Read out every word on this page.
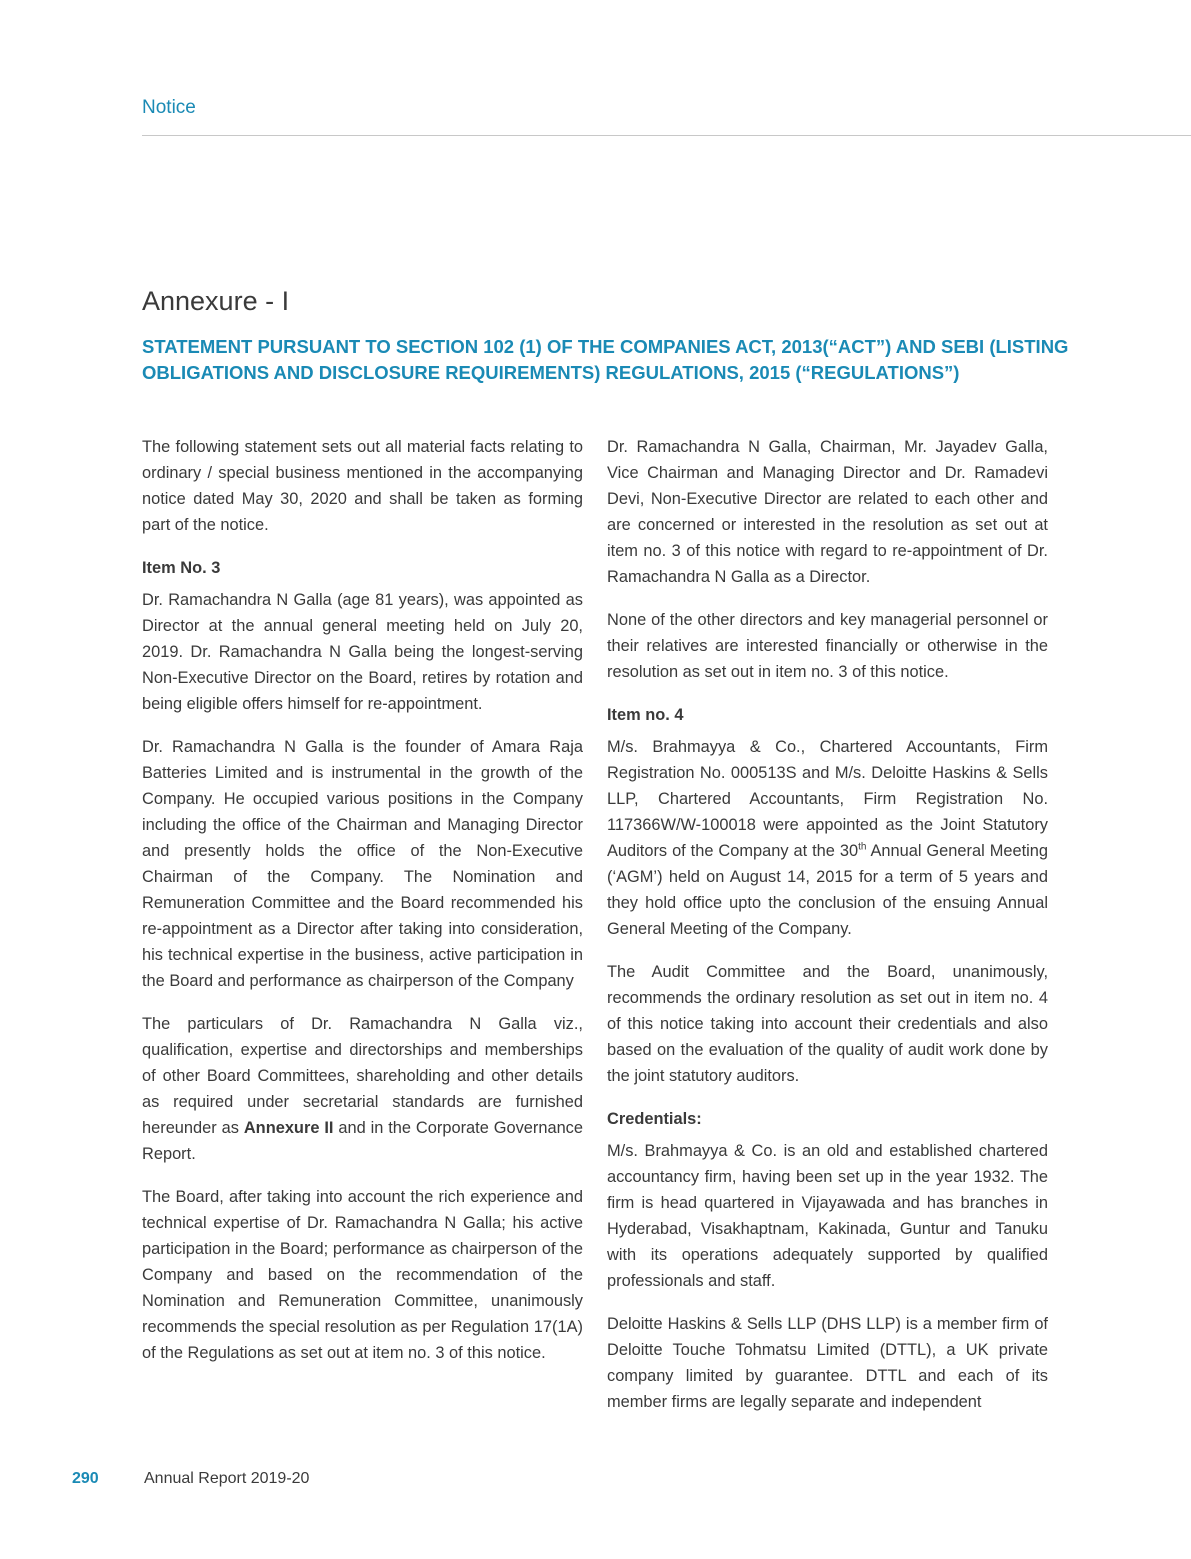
Notice
Annexure - I
STATEMENT PURSUANT TO SECTION 102 (1) OF THE COMPANIES ACT, 2013(“ACT”) AND SEBI (LISTING OBLIGATIONS AND DISCLOSURE REQUIREMENTS) REGULATIONS, 2015 (“REGULATIONS”)

The following statement sets out all material facts relating to ordinary / special business mentioned in the accompanying notice dated May 30, 2020 and shall be taken as forming part of the notice.

Item No. 3

Dr. Ramachandra N Galla (age 81 years), was appointed as Director at the annual general meeting held on July 20, 2019. Dr. Ramachandra N Galla being the longest-serving Non-Executive Director on the Board, retires by rotation and being eligible offers himself for re-appointment.

Dr. Ramachandra N Galla is the founder of Amara Raja Batteries Limited and is instrumental in the growth of the Company. He occupied various positions in the Company including the office of the Chairman and Managing Director and presently holds the office of the Non-Executive Chairman of the Company. The Nomination and Remuneration Committee and the Board recommended his re-appointment as a Director after taking into consideration, his technical expertise in the business, active participation in the Board and performance as chairperson of the Company

The particulars of Dr. Ramachandra N Galla viz., qualification, expertise and directorships and memberships of other Board Committees, shareholding and other details as required under secretarial standards are furnished hereunder as Annexure II and in the Corporate Governance Report.

The Board, after taking into account the rich experience and technical expertise of Dr. Ramachandra N Galla; his active participation in the Board; performance as chairperson of the Company and based on the recommendation of the Nomination and Remuneration Committee, unanimously recommends the special resolution as per Regulation 17(1A) of the Regulations as set out at item no. 3 of this notice.

Dr. Ramachandra N Galla, Chairman, Mr. Jayadev Galla, Vice Chairman and Managing Director and Dr. Ramadevi Devi, Non-Executive Director are related to each other and are concerned or interested in the resolution as set out at item no. 3 of this notice with regard to re-appointment of Dr. Ramachandra N Galla as a Director.

None of the other directors and key managerial personnel or their relatives are interested financially or otherwise in the resolution as set out in item no. 3 of this notice.

Item no. 4

M/s. Brahmayya & Co., Chartered Accountants, Firm Registration No. 000513S and M/s. Deloitte Haskins & Sells LLP, Chartered Accountants, Firm Registration No. 117366W/W-100018 were appointed as the Joint Statutory Auditors of the Company at the 30th Annual General Meeting (‘AGM’) held on August 14, 2015 for a term of 5 years and they hold office upto the conclusion of the ensuing Annual General Meeting of the Company.

The Audit Committee and the Board, unanimously, recommends the ordinary resolution as set out in item no. 4 of this notice taking into account their credentials and also based on the evaluation of the quality of audit work done by the joint statutory auditors.

Credentials:

M/s. Brahmayya & Co. is an old and established chartered accountancy firm, having been set up in the year 1932. The firm is head quartered in Vijayawada and has branches in Hyderabad, Visakhaptnam, Kakinada, Guntur and Tanuku with its operations adequately supported by qualified professionals and staff.

Deloitte Haskins & Sells LLP (DHS LLP) is a member firm of Deloitte Touche Tohmatsu Limited (DTTL), a UK private company limited by guarantee. DTTL and each of its member firms are legally separate and independent

290	Annual Report 2019-20
